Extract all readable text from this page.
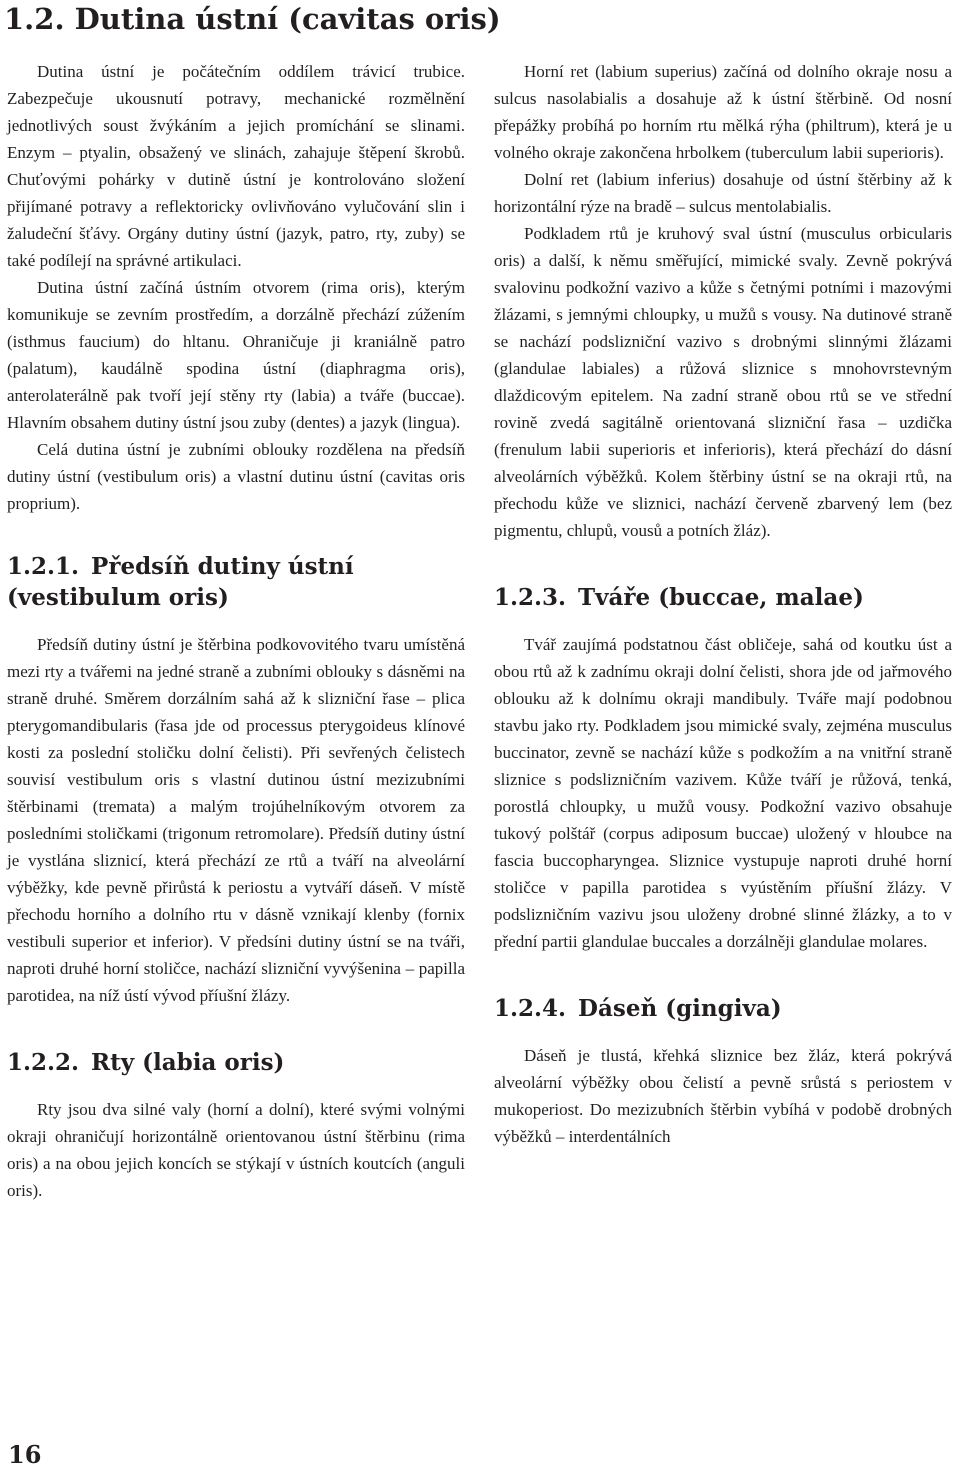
1.2. Dutina ústní (cavitas oris)

Dutina ústní je počátečním oddílem trávicí trubice. Zabezpečuje ukousnutí potravy, mechanické rozmělnění jednotlivých soust žvýkáním a jejich promíchání se slinami. Enzym – ptyalin, obsažený ve slinách, zahajuje štěpení škrobů. Chuťovými pohárky v dutině ústní je kontrolováno složení přijímané potravy a reflektoricky ovlivňováno vylučování slin i žaludeční šťávy. Orgány dutiny ústní (jazyk, patro, rty, zuby) se také podílejí na správné artikulaci.

Dutina ústní začíná ústním otvorem (rima oris), kterým komunikuje se zevním prostředím, a dorzálně přechází zúžením (isthmus faucium) do hltanu. Ohraničuje ji kraniálně patro (palatum), kaudálně spodina ústní (diaphragma oris), anterolaterálně pak tvoří její stěny rty (labia) a tváře (buccae). Hlavním obsahem dutiny ústní jsou zuby (dentes) a jazyk (lingua).

Celá dutina ústní je zubními oblouky rozdělena na předsíň dutiny ústní (vestibulum oris) a vlastní dutinu ústní (cavitas oris proprium).

1.2.1. Předsíň dutiny ústní (vestibulum oris)

Předsíň dutiny ústní je štěrbina podkovovitého tvaru umístěná mezi rty a tvářemi na jedné straně a zubními oblouky s dásněmi na straně druhé. Směrem dorzálním sahá až k slizniční řase – plica pterygomandibularis (řasa jde od processus pterygoideus klínové kosti za poslední stoličku dolní čelisti). Při sevřených čelistech souvisí vestibulum oris s vlastní dutinou ústní mezizubními štěrbinami (tremata) a malým trojúhelníkovým otvorem za posledními stoličkami (trigonum retromolare). Předsíň dutiny ústní je vystlána sliznicí, která přechází ze rtů a tváří na alveolární výběžky, kde pevně přirůstá k periostu a vytváří dáseň. V místě přechodu horního a dolního rtu v dásně vznikají klenby (fornix vestibuli superior et inferior). V předsíni dutiny ústní se na tváři, naproti druhé horní stoličce, nachází slizniční vyvýšenina – papilla parotidea, na níž ústí vývod příušní žlázy.

1.2.2. Rty (labia oris)

Rty jsou dva silné valy (horní a dolní), které svými volnými okraji ohraničují horizontálně orientovanou ústní štěrbinu (rima oris) a na obou jejich koncích se stýkají v ústních koutcích (anguli oris).

Horní ret (labium superius) začíná od dolního okraje nosu a sulcus nasolabialis a dosahuje až k ústní štěrbině. Od nosní přepážky probíhá po horním rtu mělká rýha (philtrum), která je u volného okraje zakončena hrbolkem (tuberculum labii superioris).

Dolní ret (labium inferius) dosahuje od ústní štěrbiny až k horizontální rýze na bradě – sulcus mentolabialis.

Podkladem rtů je kruhový sval ústní (musculus orbicularis oris) a další, k němu směřující, mimické svaly. Zevně pokrývá svalovinu podkožní vazivo a kůže s četnými potními i mazovými žlázami, s jemnými chloupky, u mužů s vousy. Na dutinové straně se nachází podslizniční vazivo s drobnými slinnými žlázami (glandulae labiales) a růžová sliznice s mnohovrstevným dlaždicovým epitelem. Na zadní straně obou rtů se ve střední rovině zvedá sagitálně orientovaná slizniční řasa – uzdička (frenulum labii superioris et inferioris), která přechází do dásní alveolárních výběžků. Kolem štěrbiny ústní se na okraji rtů, na přechodu kůže ve sliznici, nachází červeně zbarvený lem (bez pigmentu, chlupů, vousů a potních žláz).

1.2.3. Tváře (buccae, malae)

Tvář zaujímá podstatnou část obličeje, sahá od koutku úst a obou rtů až k zadnímu okraji dolní čelisti, shora jde od jařmového oblouku až k dolnímu okraji mandibuly. Tváře mají podobnou stavbu jako rty. Podkladem jsou mimické svaly, zejména musculus buccinator, zevně se nachází kůže s podkožím a na vnitřní straně sliznice s podslizničním vazivem. Kůže tváří je růžová, tenká, porostlá chloupky, u mužů vousy. Podkožní vazivo obsahuje tukový polštář (corpus adiposum buccae) uložený v hloubce na fascia buccopharyngea. Sliznice vystupuje naproti druhé horní stoličce v papilla parotidea s vyústěním příušní žlázy. V podslizničním vazivu jsou uloženy drobné slinné žlázky, a to v přední partii glandulae buccales a dorzálněji glandulae molares.

1.2.4. Dáseň (gingiva)

Dáseň je tlustá, křehká sliznice bez žláz, která pokrývá alveolární výběžky obou čelistí a pevně srůstá s periostem v mukoperiost. Do mezizubních štěrbin vybíhá v podobě drobných výběžků – interdentálních

16
